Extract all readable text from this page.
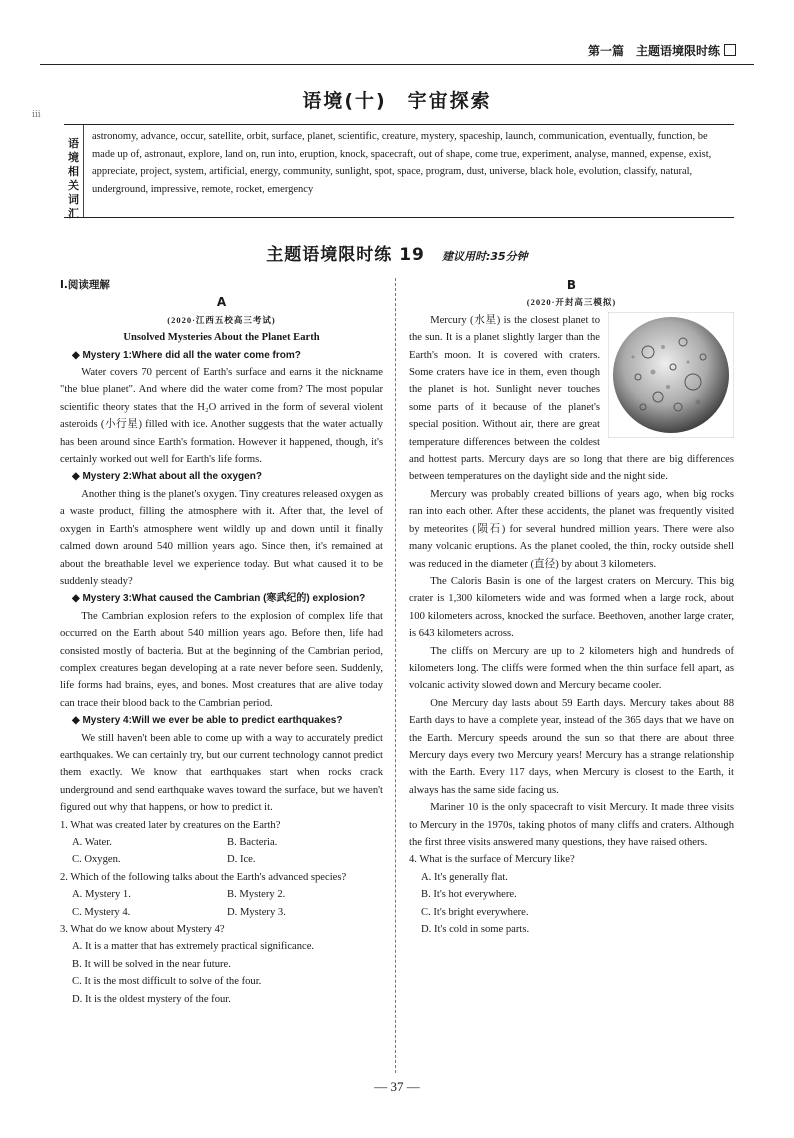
第一篇　主题语境限时练
ⅲ
语境(十)　宇宙探索
语境相关词汇
astronomy, advance, occur, satellite, orbit, surface, planet, scientific, creature, mystery, spaceship, launch, communication, eventually, function, be made up of, astronaut, explore, land on, run into, eruption, knock, spacecraft, out of shape, come true, experiment, analyse, manned, expense, exist, appreciate, project, system, artificial, energy, community, sunlight, spot, space, program, dust, universe, black hole, evolution, classify, natural, underground, impressive, remote, rocket, emergency
主题语境限时练 19 建议用时:35分钟

Ⅰ.阅读理解

A

(2020·江西五校高三考试)

Unsolved Mysteries About the Planet Earth

◆ Mystery 1:Where did all the water come from?

Water covers 70 percent of Earth's surface and earns it the nickname "the blue planet". And where did the water come from? The most popular scientific theory states that the H₂O arrived in the form of several violent asteroids (小行星) filled with ice. Another suggests that the water actually has been around since Earth's formation. However it happened, though, it's certainly worked out well for Earth's life forms.

◆ Mystery 2:What about all the oxygen?

Another thing is the planet's oxygen. Tiny creatures released oxygen as a waste product, filling the atmosphere with it. After that, the level of oxygen in Earth's atmosphere went wildly up and down until it finally calmed down around 540 million years ago. Since then, it's remained at about the breathable level we experience today. But what caused it to be suddenly steady?

◆ Mystery 3:What caused the Cambrian (寒武纪的) explosion?

The Cambrian explosion refers to the explosion of complex life that occurred on the Earth about 540 million years ago. Before then, life had consisted mostly of bacteria. But at the beginning of the Cambrian period, complex creatures began developing at a rate never before seen. Suddenly, life forms had brains, eyes, and bones. Most creatures that are alive today can trace their blood back to the Cambrian period.

◆ Mystery 4:Will we ever be able to predict earthquakes?

We still haven't been able to come up with a way to accurately predict earthquakes. We can certainly try, but our current technology cannot predict them exactly. We know that earthquakes start when rocks crack underground and send earthquake waves toward the surface, but we haven't figured out why that happens, or how to predict it.

1. What was created later by creatures on the Earth?

A. Water.	B. Bacteria.
C. Oxygen.	D. Ice.

2. Which of the following talks about the Earth's advanced species?

A. Mystery 1.	B. Mystery 2.
C. Mystery 4.	D. Mystery 3.

3. What do we know about Mystery 4?

A. It is a matter that has extremely practical significance.

B. It will be solved in the near future.

C. It is the most difficult to solve of the four.

D. It is the oldest mystery of the four.

B

(2020·开封高三模拟)

Mercury (水星) is the closest planet to the sun. It is a planet slightly larger than the Earth's moon. It is covered with craters. Some craters have ice in them, even though the planet is hot. Sunlight never touches some parts of it because of the planet's special position. Without air, there are great temperature differences between the coldest and hottest parts. Mercury days are so long that there are big differences between temperatures on the daylight side and the night side.

Mercury was probably created billions of years ago, when big rocks ran into each other. After these accidents, the planet was frequently visited by meteorites (陨石) for several hundred million years. There were also many volcanic eruptions. As the planet cooled, the thin, rocky outside shell was reduced in the diameter (直径) by about 3 kilometers.

The Caloris Basin is one of the largest craters on Mercury. This big crater is 1,300 kilometers wide and was formed when a large rock, about 100 kilometers across, knocked the surface. Beethoven, another large crater, is 643 kilometers across.

The cliffs on Mercury are up to 2 kilometers high and hundreds of kilometers long. The cliffs were formed when the thin surface fell apart, as volcanic activity slowed down and Mercury became cooler.

One Mercury day lasts about 59 Earth days. Mercury takes about 88 Earth days to have a complete year, instead of the 365 days that we have on the Earth. Mercury speeds around the sun so that there are about three Mercury days every two Mercury years! Mercury has a strange relationship with the Earth. Every 117 days, when Mercury is closest to the Earth, it always has the same side facing us.

Mariner 10 is the only spacecraft to visit Mercury. It made three visits to Mercury in the 1970s, taking photos of many cliffs and craters. Although the first three visits answered many questions, they have raised others.

4. What is the surface of Mercury like?

A. It's generally flat.

B. It's hot everywhere.

C. It's bright everywhere.

D. It's cold in some parts.

— 37 —
